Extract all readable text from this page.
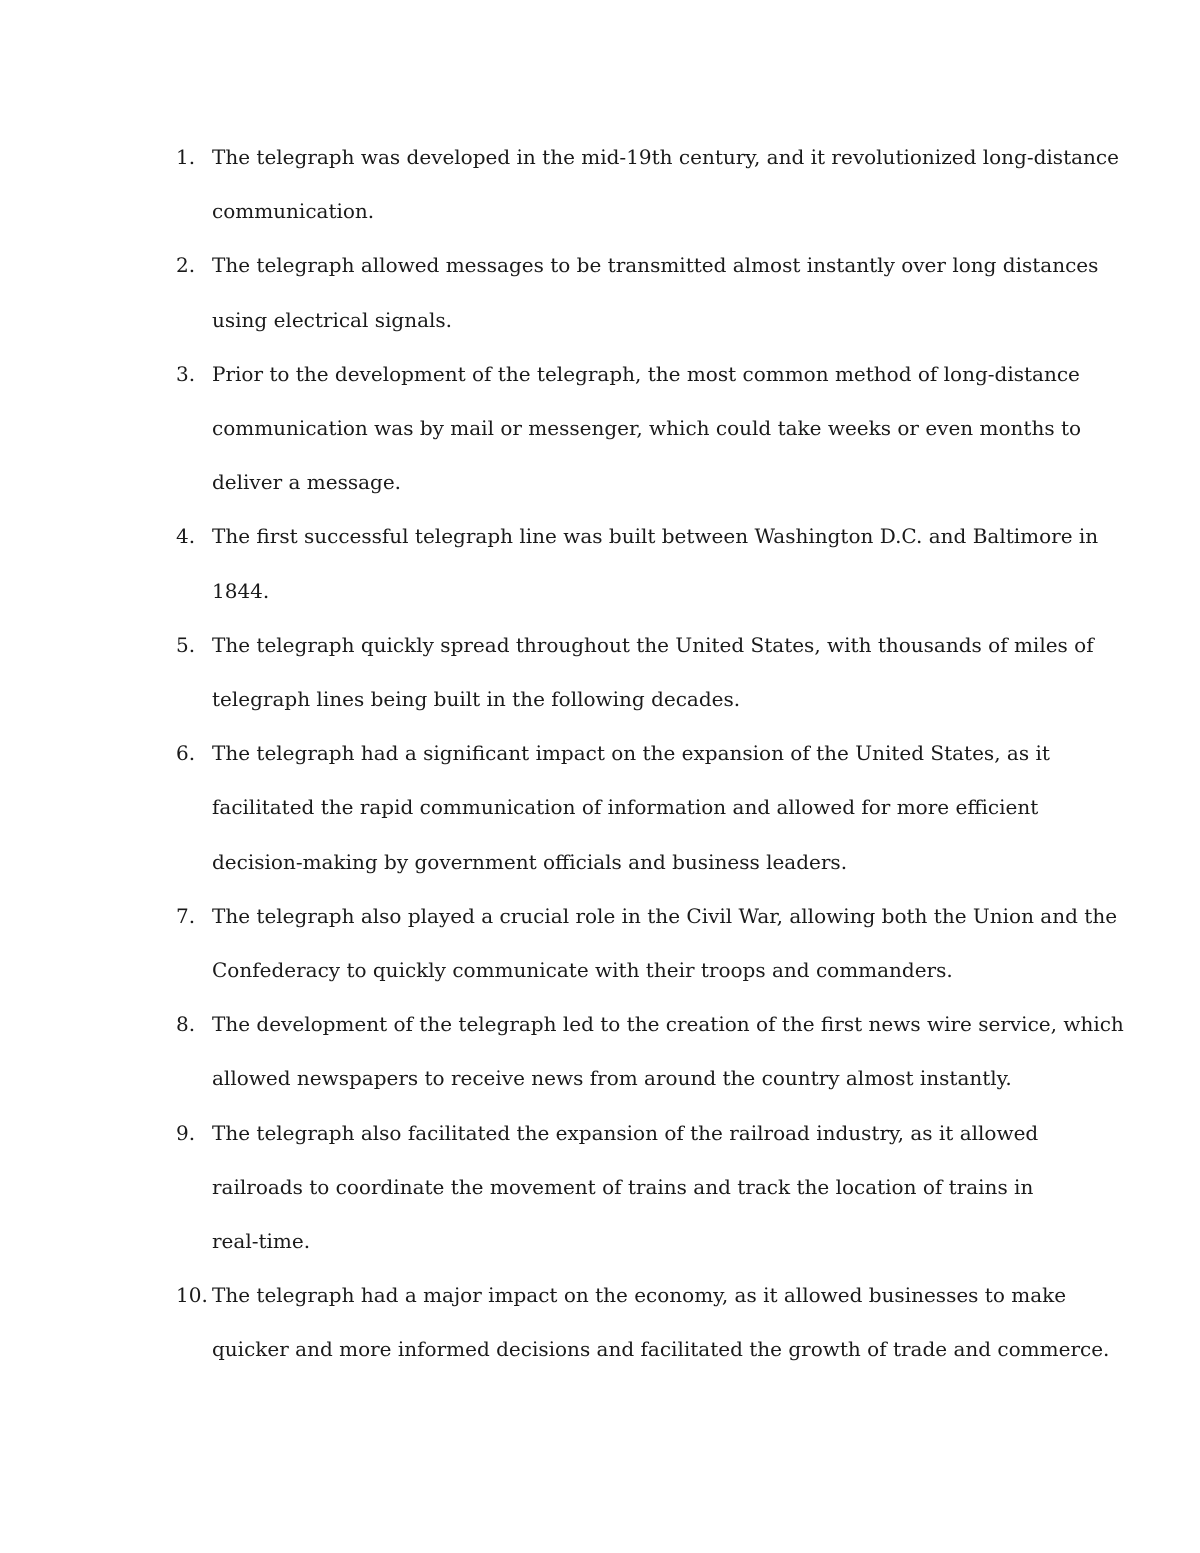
1. The telegraph was developed in the mid-19th century, and it revolutionized long-distance
communication.
2. The telegraph allowed messages to be transmitted almost instantly over long distances
using electrical signals.
3. Prior to the development of the telegraph, the most common method of long-distance
communication was by mail or messenger, which could take weeks or even months to
deliver a message.
4. The first successful telegraph line was built between Washington D.C. and Baltimore in
1844.
5. The telegraph quickly spread throughout the United States, with thousands of miles of
telegraph lines being built in the following decades.
6. The telegraph had a significant impact on the expansion of the United States, as it
facilitated the rapid communication of information and allowed for more efficient
decision-making by government officials and business leaders.
7. The telegraph also played a crucial role in the Civil War, allowing both the Union and the
Confederacy to quickly communicate with their troops and commanders.
8. The development of the telegraph led to the creation of the first news wire service, which
allowed newspapers to receive news from around the country almost instantly.
9. The telegraph also facilitated the expansion of the railroad industry, as it allowed
railroads to coordinate the movement of trains and track the location of trains in
real-time.
10. The telegraph had a major impact on the economy, as it allowed businesses to make
quicker and more informed decisions and facilitated the growth of trade and commerce.
